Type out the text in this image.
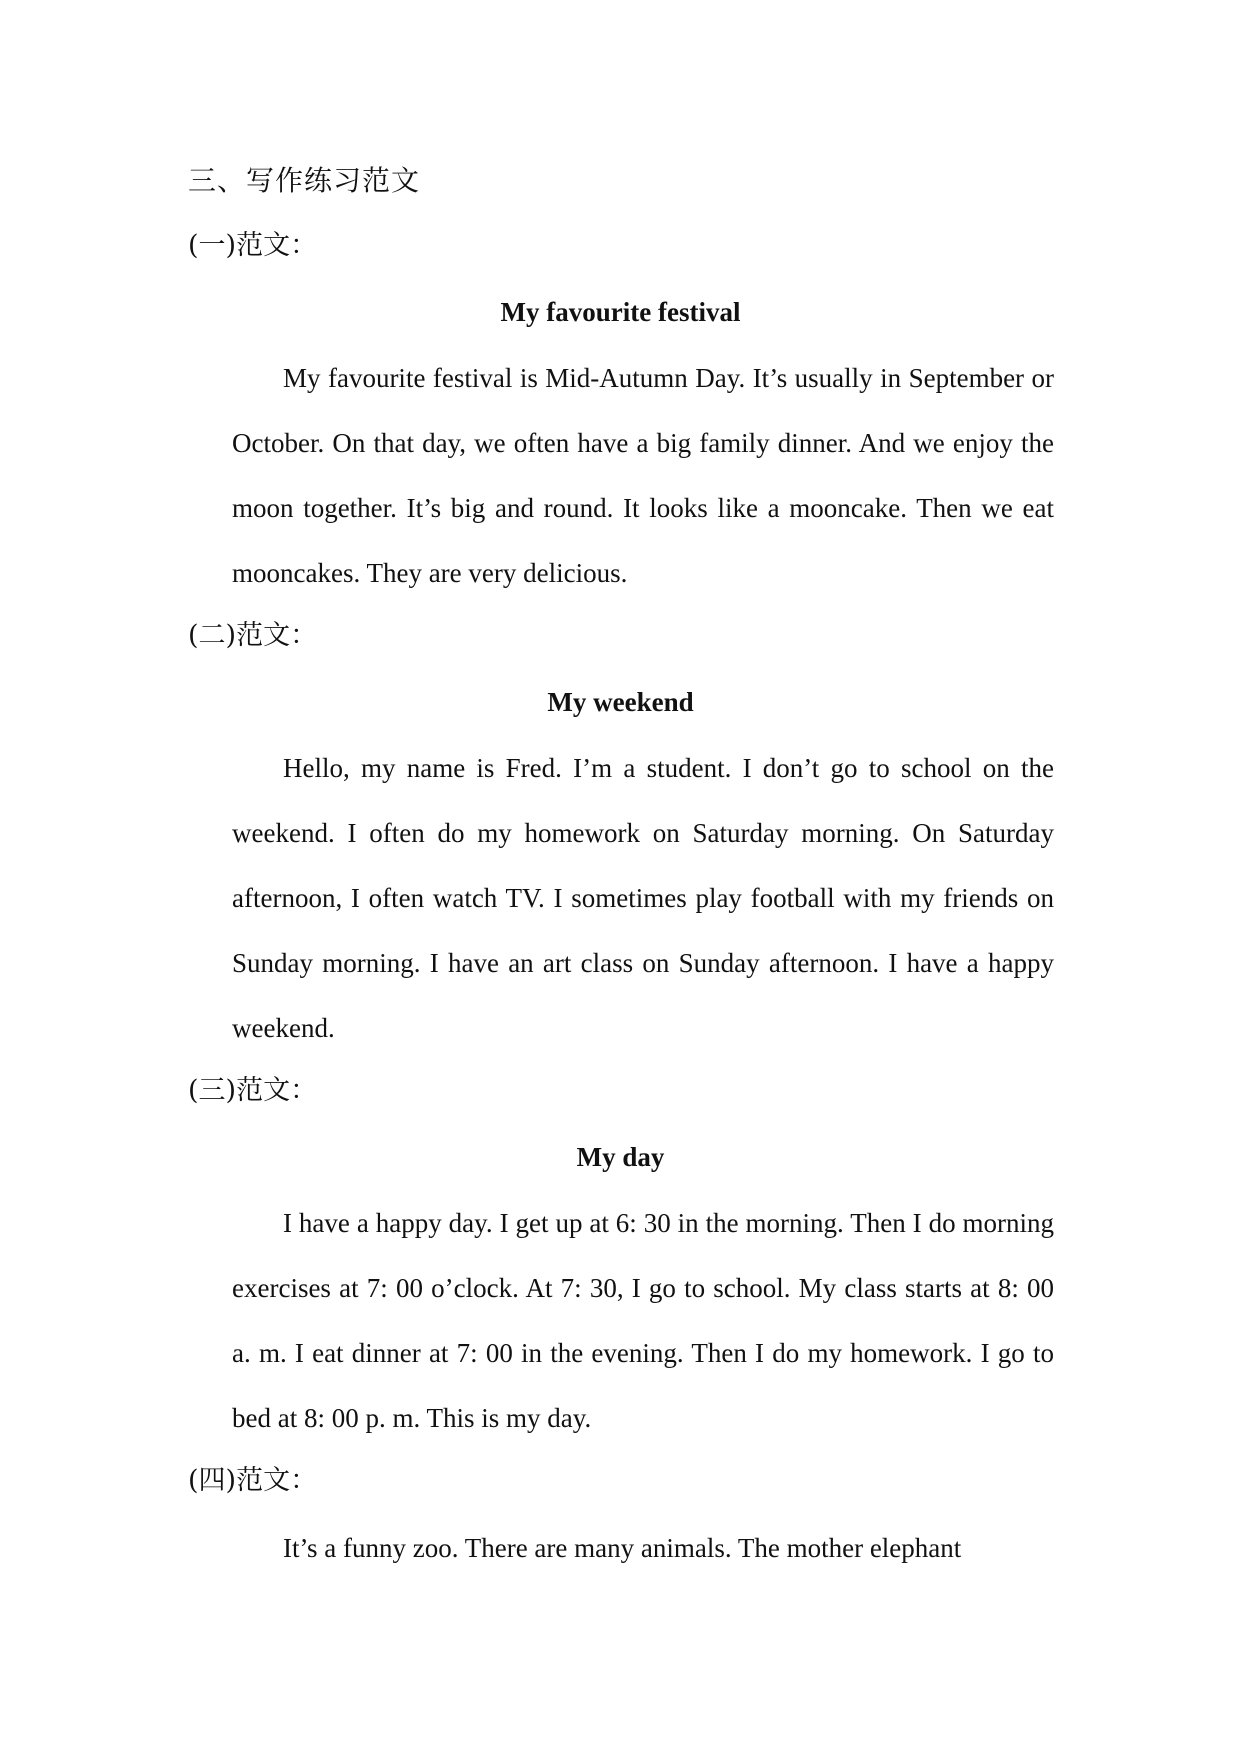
三、写作练习范文
(一)范文：
My favourite festival

My favourite festival is Mid-Autumn Day. It’s usually in September or October. On that day, we often have a big family dinner. And we enjoy the moon together. It’s big and round. It looks like a mooncake. Then we eat mooncakes. They are very delicious.

(二)范文：
My weekend

Hello, my name is Fred. I’m a student. I don’t go to school on the weekend. I often do my homework on Saturday morning. On Saturday afternoon, I often watch TV. I sometimes play football with my friends on Sunday morning. I have an art class on Sunday afternoon. I have a happy weekend.

(三)范文：
My day

I have a happy day. I get up at 6: 30 in the morning. Then I do morning exercises at 7: 00 o’clock. At 7: 30, I go to school. My class starts at 8: 00 a. m. I eat dinner at 7: 00 in the evening. Then I do my homework. I go to bed at 8: 00 p. m. This is my day.

(四)范文：

It’s a funny zoo. There are many animals. The mother elephant
